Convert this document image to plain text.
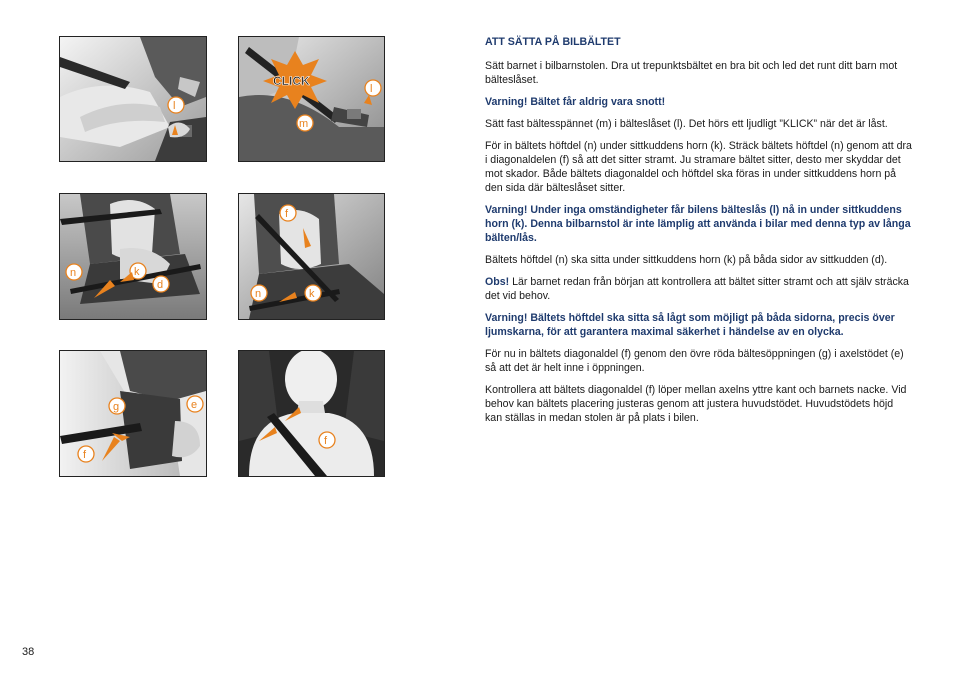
l
CLICK
l
m
n	k
d
f
n	k
g	e
f
f
ATT SÄTTA PÅ BILBÄLTET

Sätt barnet i bilbarnstolen. Dra ut trepunktsbältet en bra bit och led det runt ditt barn mot bälteslåset.

Varning! Bältet får aldrig vara snott!

Sätt fast bältesspännet (m) i bälteslåset (l). Det hörs ett ljudligt ”KLICK” när det är låst.

För in bältets höftdel (n) under sittkuddens horn (k). Sträck bältets höftdel (n) genom att dra i diagonaldelen (f) så att det sitter stramt. Ju stramare bältet sitter, desto mer skyddar det mot skador. Både bältets diagonaldel och höftdel ska föras in under sittkuddens horn på den sida där bälteslåset sitter.

Varning! Under inga omständigheter får bilens bälteslås (l) nå in under sittkuddens horn (k). Denna bilbarnstol är inte lämplig att använda i bilar med denna typ av långa bälten/lås.

Bältets höftdel (n) ska sitta under sittkuddens horn (k) på båda sidor av sittkudden (d).

Obs! Lär barnet redan från början att kontrollera att bältet sitter stramt och att själv sträcka det vid behov.

Varning! Bältets höftdel ska sitta så lågt som möjligt på båda sidorna, precis över ljumskarna, för att garantera maximal säkerhet i händelse av en olycka.

För nu in bältets diagonaldel (f) genom den övre röda bältesöppningen (g) i axelstödet (e) så att det är helt inne i öppningen.

Kontrollera att bältets diagonaldel (f) löper mellan axelns yttre kant och barnets nacke. Vid behov kan bältets placering justeras genom att justera huvudstödet. Huvudstödets höjd kan ställas in medan stolen är på plats i bilen.

38
